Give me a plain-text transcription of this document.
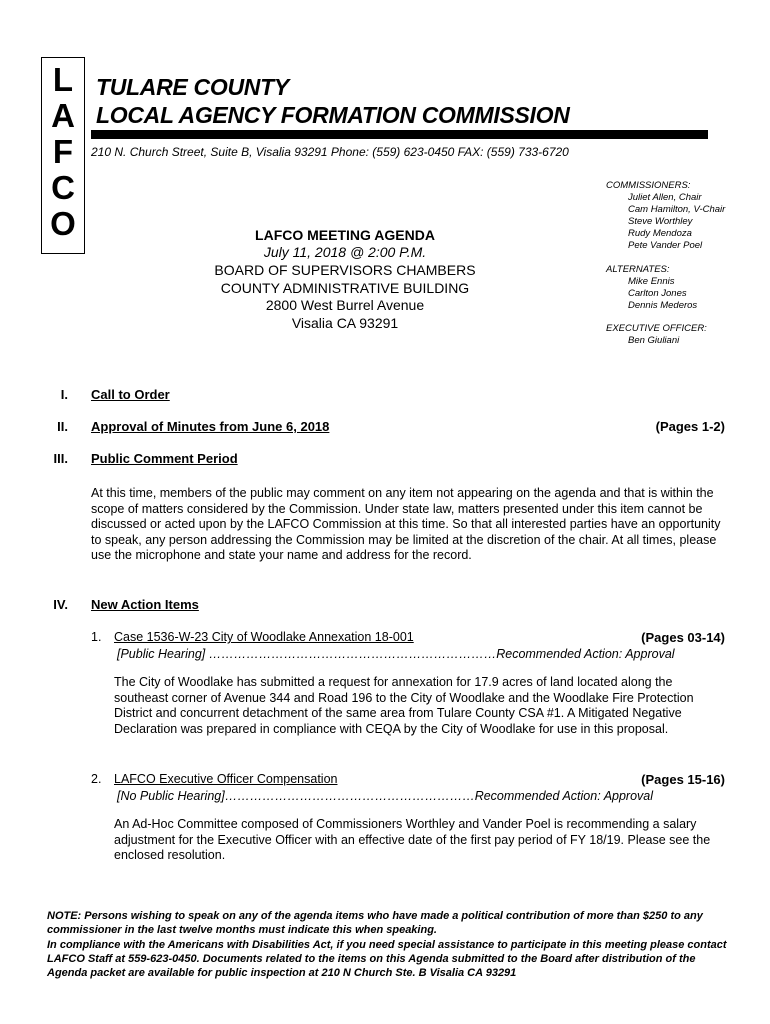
L
A
F
C
O
TULARE COUNTY
LOCAL AGENCY FORMATION COMMISSION
210 N. Church Street, Suite B, Visalia 93291 Phone: (559) 623-0450 FAX: (559) 733-6720
COMMISSIONERS:
Juliet Allen, Chair
Cam Hamilton, V-Chair
Steve Worthley
Rudy Mendoza
Pete Vander Poel
ALTERNATES:
Mike Ennis
Carlton Jones
Dennis Mederos
EXECUTIVE OFFICER:
Ben Giuliani
LAFCO MEETING AGENDA
July 11, 2018 @ 2:00 P.M.
BOARD OF SUPERVISORS CHAMBERS
COUNTY ADMINISTRATIVE BUILDING
2800 West Burrel Avenue
Visalia CA 93291
I. Call to Order
II. Approval of Minutes from June 6, 2018	(Pages 1-2)
III. Public Comment Period
At this time, members of the public may comment on any item not appearing on the agenda and that is within the scope of matters considered by the Commission. Under state law, matters presented under this item cannot be discussed or acted upon by the LAFCO Commission at this time. So that all interested parties have an opportunity to speak, any person addressing the Commission may be limited at the discretion of the chair. At all times, please use the microphone and state your name and address for the record.
IV. New Action Items
1. Case 1536-W-23 City of Woodlake Annexation 18-001	(Pages 03-14)
[Public Hearing] ……………………………………………………………Recommended Action: Approval
The City of Woodlake has submitted a request for annexation for 17.9 acres of land located along the southeast corner of Avenue 344 and Road 196 to the City of Woodlake and the Woodlake Fire Protection District and concurrent detachment of the same area from Tulare County CSA #1. A Mitigated Negative Declaration was prepared in compliance with CEQA by the City of Woodlake for use in this proposal.
2. LAFCO Executive Officer Compensation	(Pages 15-16)
[No Public Hearing]……………………………………………………Recommended Action: Approval
An Ad-Hoc Committee composed of Commissioners Worthley and Vander Poel is recommending a salary adjustment for the Executive Officer with an effective date of the first pay period of FY 18/19. Please see the enclosed resolution.
NOTE: Persons wishing to speak on any of the agenda items who have made a political contribution of more than $250 to any commissioner in the last twelve months must indicate this when speaking.
In compliance with the Americans with Disabilities Act, if you need special assistance to participate in this meeting please contact LAFCO Staff at 559-623-0450. Documents related to the items on this Agenda submitted to the Board after distribution of the Agenda packet are available for public inspection at 210 N Church Ste. B Visalia CA 93291
